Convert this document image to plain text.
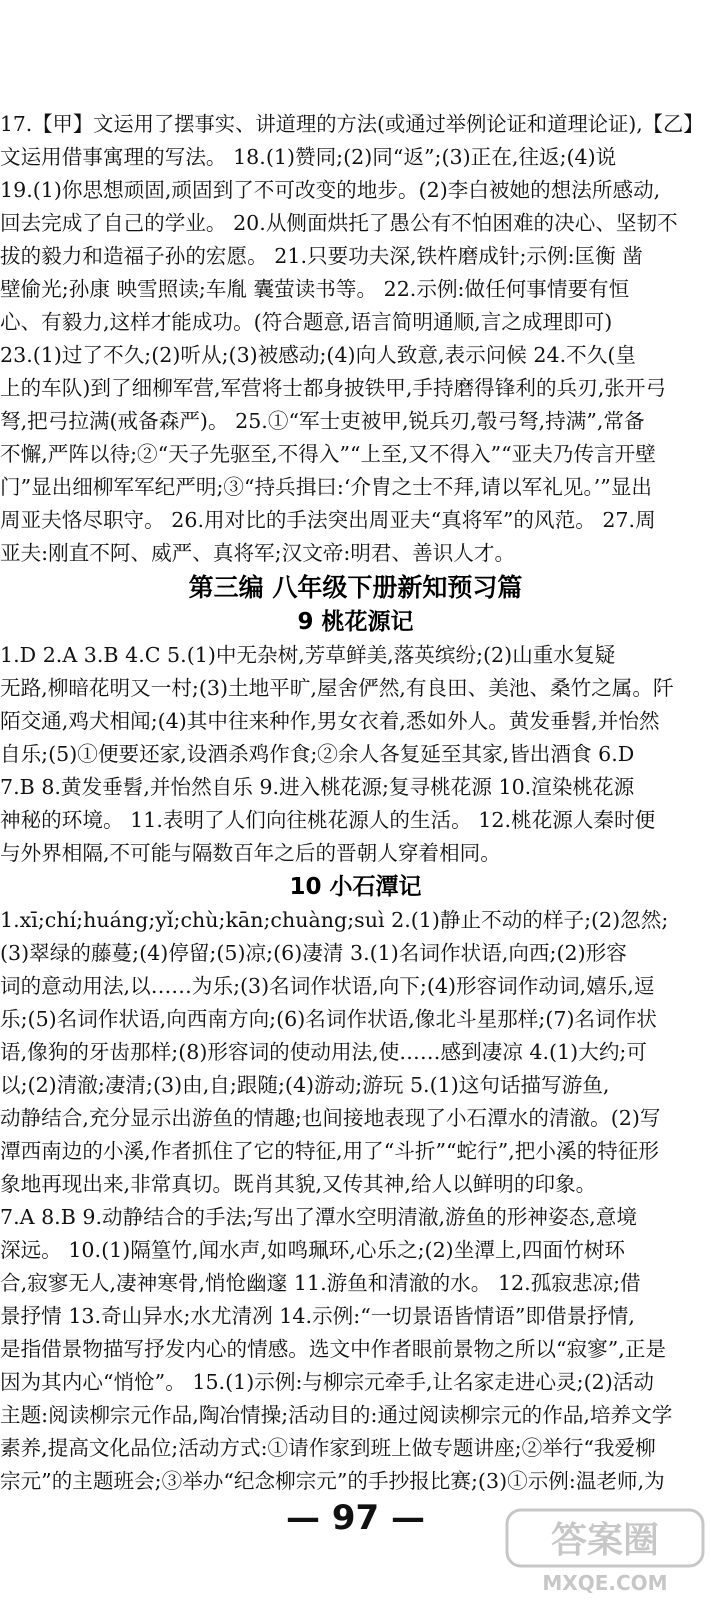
17.【甲】文运用了摆事实、讲道理的方法(或通过举例论证和道理论证),【乙】
文运用借事寓理的写法。 18.(1)赞同;(2)同“返”;(3)正在,往返;(4)说
19.(1)你思想顽固,顽固到了不可改变的地步。(2)李白被她的想法所感动,
回去完成了自己的学业。 20.从侧面烘托了愚公有不怕困难的决心、坚韧不
拔的毅力和造福子孙的宏愿。 21.只要功夫深,铁杵磨成针;示例:匡衡 凿
壁偷光;孙康 映雪照读;车胤 囊萤读书等。 22.示例:做任何事情要有恒
心、有毅力,这样才能成功。(符合题意,语言简明通顺,言之成理即可)
23.(1)过了不久;(2)听从;(3)被感动;(4)向人致意,表示问候 24.不久(皇
上的车队)到了细柳军营,军营将士都身披铁甲,手持磨得锋利的兵刃,张开弓
弩,把弓拉满(戒备森严)。 25.①“军士吏被甲,锐兵刃,彀弓弩,持满”,常备
不懈,严阵以待;②“天子先驱至,不得入”“上至,又不得入”“亚夫乃传言开壁
门”显出细柳军军纪严明;③“持兵揖曰:‘介胄之士不拜,请以军礼见。’”显出
周亚夫恪尽职守。 26.用对比的手法突出周亚夫“真将军”的风范。 27.周
亚夫:刚直不阿、威严、真将军;汉文帝:明君、善识人才。
第三编 八年级下册新知预习篇
9 桃花源记
1.D 2.A 3.B 4.C 5.(1)中无杂树,芳草鲜美,落英缤纷;(2)山重水复疑
无路,柳暗花明又一村;(3)土地平旷,屋舍俨然,有良田、美池、桑竹之属。阡
陌交通,鸡犬相闻;(4)其中往来种作,男女衣着,悉如外人。黄发垂髫,并怡然
自乐;(5)①便要还家,设酒杀鸡作食;②余人各复延至其家,皆出酒食 6.D
7.B 8.黄发垂髫,并怡然自乐 9.进入桃花源;复寻桃花源 10.渲染桃花源
神秘的环境。 11.表明了人们向往桃花源人的生活。 12.桃花源人秦时便
与外界相隔,不可能与隔数百年之后的晋朝人穿着相同。
10 小石潭记
1.xī;chí;huáng;yǐ;chù;kān;chuàng;suì 2.(1)静止不动的样子;(2)忽然;
(3)翠绿的藤蔓;(4)停留;(5)凉;(6)凄清 3.(1)名词作状语,向西;(2)形容
词的意动用法,以……为乐;(3)名词作状语,向下;(4)形容词作动词,嬉乐,逗
乐;(5)名词作状语,向西南方向;(6)名词作状语,像北斗星那样;(7)名词作状
语,像狗的牙齿那样;(8)形容词的使动用法,使……感到凄凉 4.(1)大约;可
以;(2)清澈;凄清;(3)由,自;跟随;(4)游动;游玩 5.(1)这句话描写游鱼,
动静结合,充分显示出游鱼的情趣;也间接地表现了小石潭水的清澈。(2)写
潭西南边的小溪,作者抓住了它的特征,用了“斗折”“蛇行”,把小溪的特征形
象地再现出来,非常真切。既肖其貌,又传其神,给人以鲜明的印象。
7.A 8.B 9.动静结合的手法;写出了潭水空明清澈,游鱼的形神姿态,意境
深远。 10.(1)隔篁竹,闻水声,如鸣珮环,心乐之;(2)坐潭上,四面竹树环
合,寂寥无人,凄神寒骨,悄怆幽邃 11.游鱼和清澈的水。 12.孤寂悲凉;借
景抒情 13.奇山异水;水尤清冽 14.示例:“一切景语皆情语”即借景抒情,
是指借景物描写抒发内心的情感。选文中作者眼前景物之所以“寂寥”,正是
因为其内心“悄怆”。 15.(1)示例:与柳宗元牵手,让名家走进心灵;(2)活动
主题:阅读柳宗元作品,陶冶情操;活动目的:通过阅读柳宗元的作品,培养文学
素养,提高文化品位;活动方式:①请作家到班上做专题讲座;②举行“我爱柳
宗元”的主题班会;③举办“纪念柳宗元”的手抄报比赛;(3)①示例:温老师,为
— 97 —
答案圈
MXQE.COM
